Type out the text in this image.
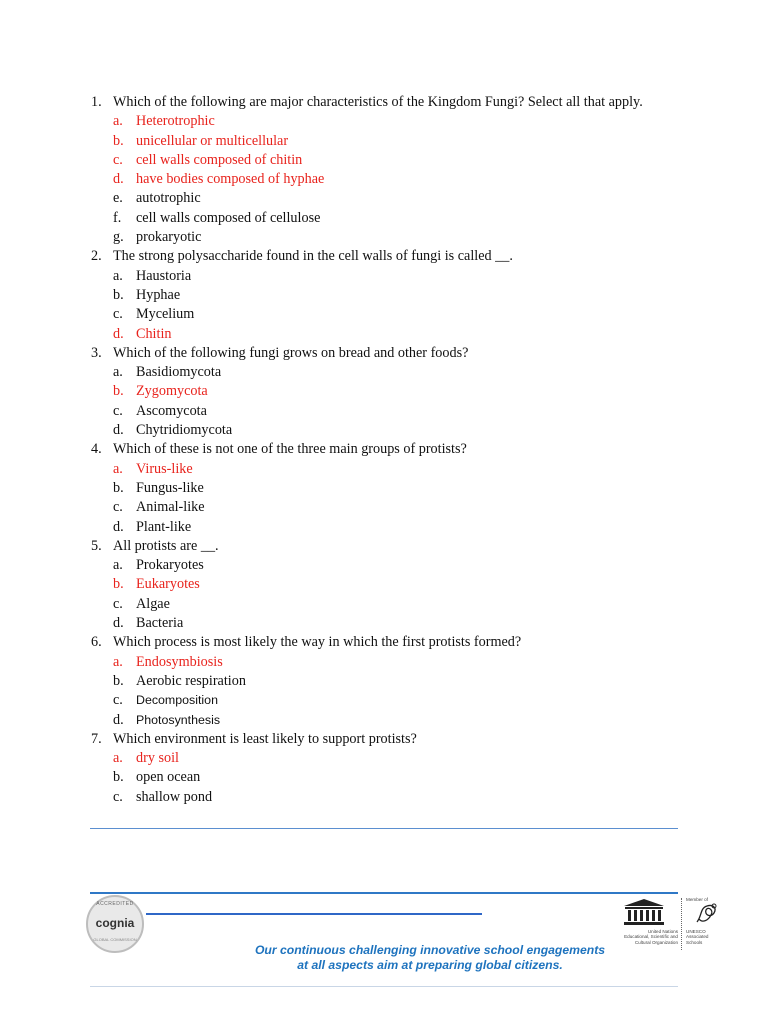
1. Which of the following are major characteristics of the Kingdom Fungi? Select all that apply.
a. Heterotrophic
b. unicellular or multicellular
c. cell walls composed of chitin
d. have bodies composed of hyphae
e. autotrophic
f. cell walls composed of cellulose
g. prokaryotic
2. The strong polysaccharide found in the cell walls of fungi is called __.
a. Haustoria
b. Hyphae
c. Mycelium
d. Chitin
3. Which of the following fungi grows on bread and other foods?
a. Basidiomycota
b. Zygomycota
c. Ascomycota
d. Chytridiomycota
4. Which of these is not one of the three main groups of protists?
a. Virus-like
b. Fungus-like
c. Animal-like
d. Plant-like
5. All protists are __.
a. Prokaryotes
b. Eukaryotes
c. Algae
d. Bacteria
6. Which process is most likely the way in which the first protists formed?
a. Endosymbiosis
b. Aerobic respiration
c. Decomposition
d. Photosynthesis
7. Which environment is least likely to support protists?
a. dry soil
b. open ocean
c. shallow pond
ACCREDITED
cognia
GLOBAL COMMISSION
Our continuous challenging innovative school engagements
at all aspects aim at preparing global citizens.
United Nations
Educational, Scientific and
Cultural Organization
Member of
UNESCO
Associated
Schools
